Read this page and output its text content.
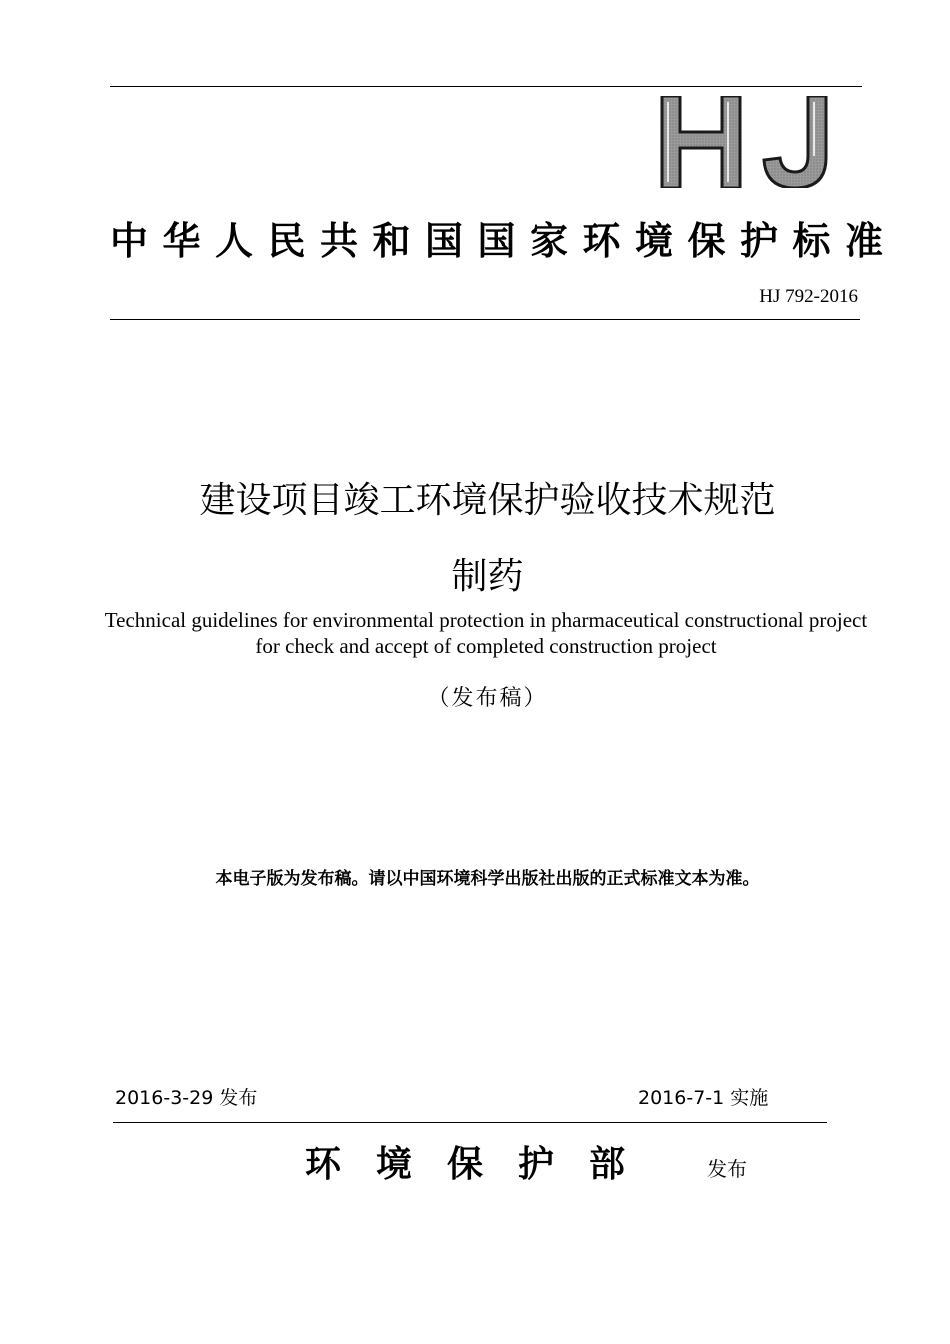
中华人民共和国国家环境保护标准
HJ 792-2016
建设项目竣工环境保护验收技术规范
制药
Technical guidelines for environmental protection in pharmaceutical constructional project for check and accept of completed construction project
（发布稿）
本电子版为发布稿。请以中国环境科学出版社出版的正式标准文本为准。
2016-3-29 发布	2016-7-1 实施
环境保护部 发布
